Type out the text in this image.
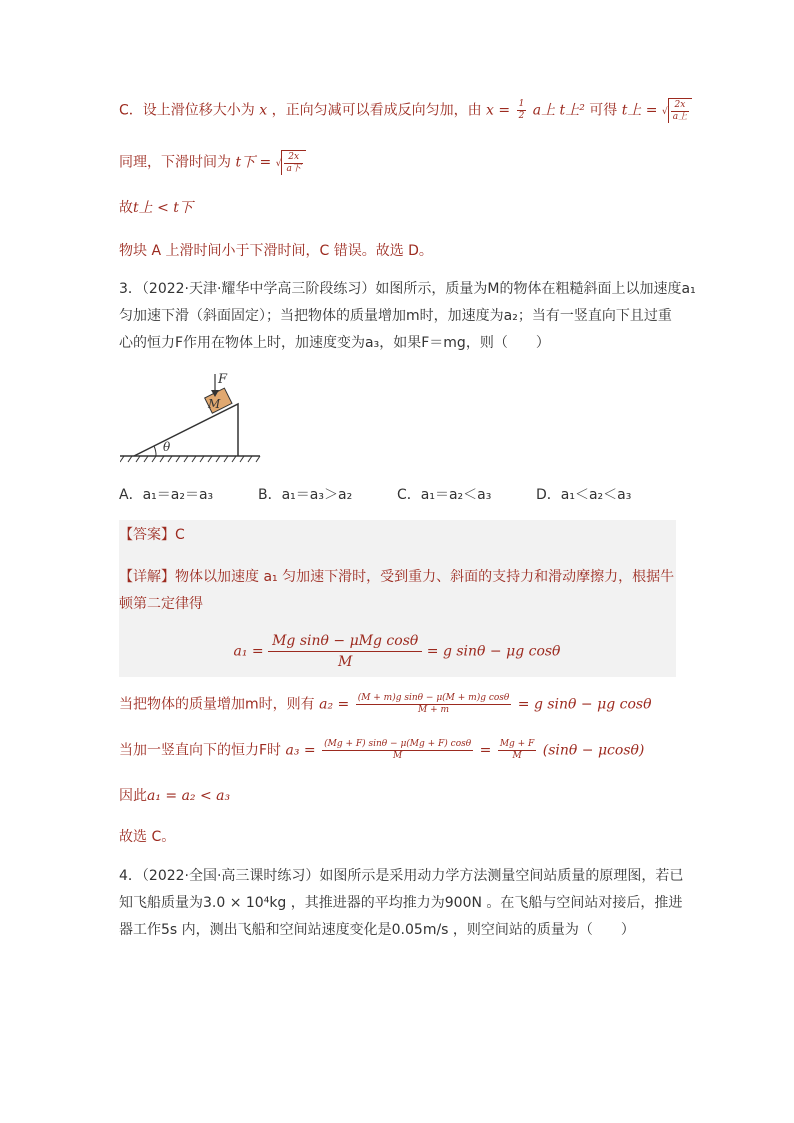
C．设上滑位移大小为 x ，正向匀减可以看成反向匀加，由 $x = \frac{1}{2}$ a上 t上² 可得 t上 = √ $\frac{2x}{\text{a上}}$
同理，下滑时间为 t下 = √ $\frac{2x}{\text{a下}}$
故t上 < t下
物块 A 上滑时间小于下滑时间，C 错误。故选 D。
3．（2022·天津·耀华中学高三阶段练习）如图所示，质量为M的物体在粗糙斜面上以加速度a₁
匀加速下滑（斜面固定）；当把物体的质量增加m时，加速度为a₂；当有一竖直向下且过重
心的恒力F作用在物体上时，加速度变为a₃，如果F＝mg，则（　　）
F
M
θ
A．a₁＝a₂＝a₃	B．a₁＝a₃＞a₂	C．a₁＝a₂＜a₃	D．a₁＜a₂＜a₃
【答案】C
【详解】物体以加速度 a₁ 匀加速下滑时，受到重力、斜面的支持力和滑动摩擦力，根据牛
顿第二定律得
$a_1 = \frac{\text{Mg sinθ − μMg cosθ}}{M} = g$ sinθ − μg cosθ
当把物体的质量增加m时，则有 $a_2 = \frac{\text{(M + m)g sinθ − μ(M + m)g cosθ}}{M + m} = g$ sinθ − μg cosθ
当加一竖直向下的恒力F时 $a_3 = \frac{(Mg + F) \sin\theta - \mu(Mg + F) \cos\theta}{M} = \frac{Mg + F}{M} (\sin\theta - \mu\cos\theta)$
因此a₁ = a₂ < a₃
故选 C。
4．（2022·全国·高三课时练习）如图所示是采用动力学方法测量空间站质量的原理图，若已
知飞船质量为3.0 × 10⁴kg ，其推进器的平均推力为900N 。在飞船与空间站对接后，推进
器工作5s 内，测出飞船和空间站速度变化是0.05m/s ，则空间站的质量为（　　）
